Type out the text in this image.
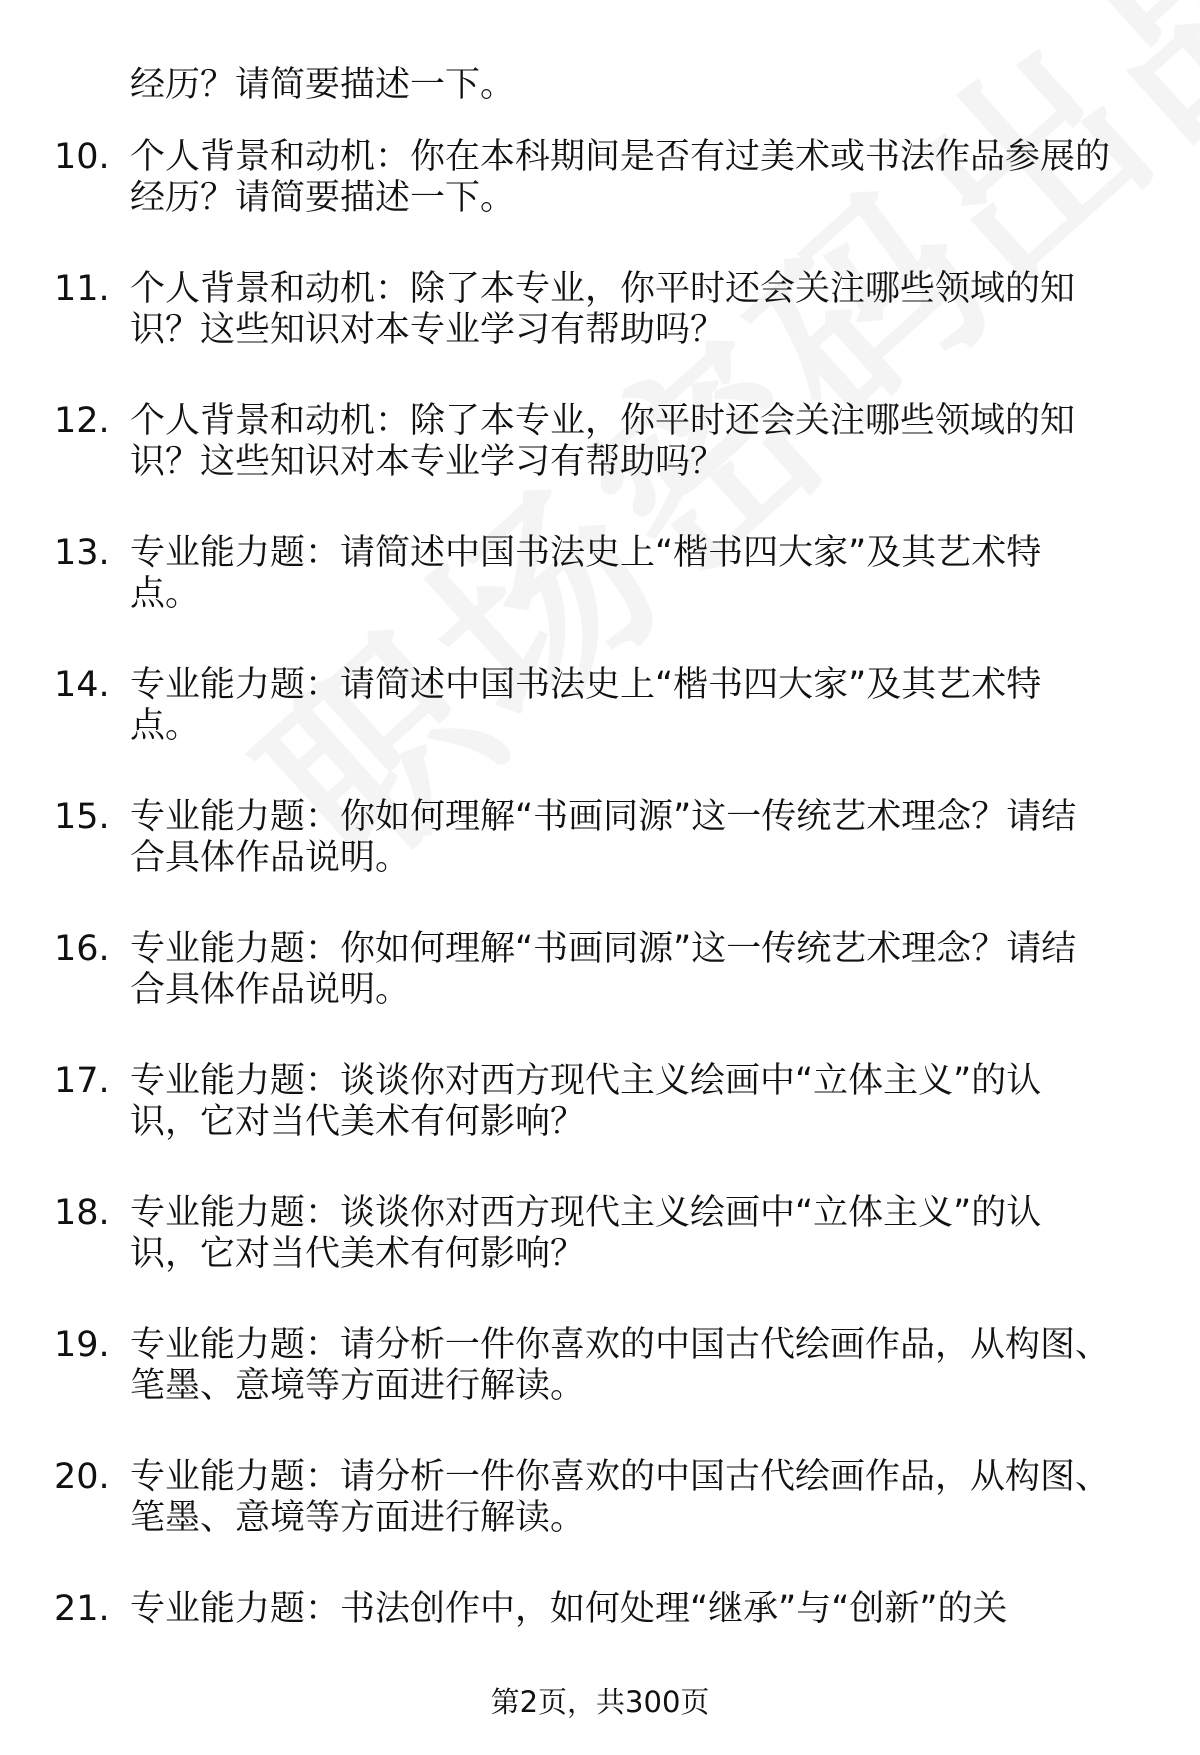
经历？请简要描述一下。
10. 个人背景和动机：你在本科期间是否有过美术或书法作品参展的
经历？请简要描述一下。
11. 个人背景和动机：除了本专业，你平时还会关注哪些领域的知
识？这些知识对本专业学习有帮助吗？
12. 个人背景和动机：除了本专业，你平时还会关注哪些领域的知
识？这些知识对本专业学习有帮助吗？
13. 专业能力题：请简述中国书法史上“楷书四大家”及其艺术特
点。
14. 专业能力题：请简述中国书法史上“楷书四大家”及其艺术特
点。
15. 专业能力题：你如何理解“书画同源”这一传统艺术理念？请结
合具体作品说明。
16. 专业能力题：你如何理解“书画同源”这一传统艺术理念？请结
合具体作品说明。
17. 专业能力题：谈谈你对西方现代主义绘画中“立体主义”的认
识，它对当代美术有何影响？
18. 专业能力题：谈谈你对西方现代主义绘画中“立体主义”的认
识，它对当代美术有何影响？
19. 专业能力题：请分析一件你喜欢的中国古代绘画作品，从构图、
笔墨、意境等方面进行解读。
20. 专业能力题：请分析一件你喜欢的中国古代绘画作品，从构图、
笔墨、意境等方面进行解读。
21. 专业能力题：书法创作中，如何处理“继承”与“创新”的关
第2页，共300页
